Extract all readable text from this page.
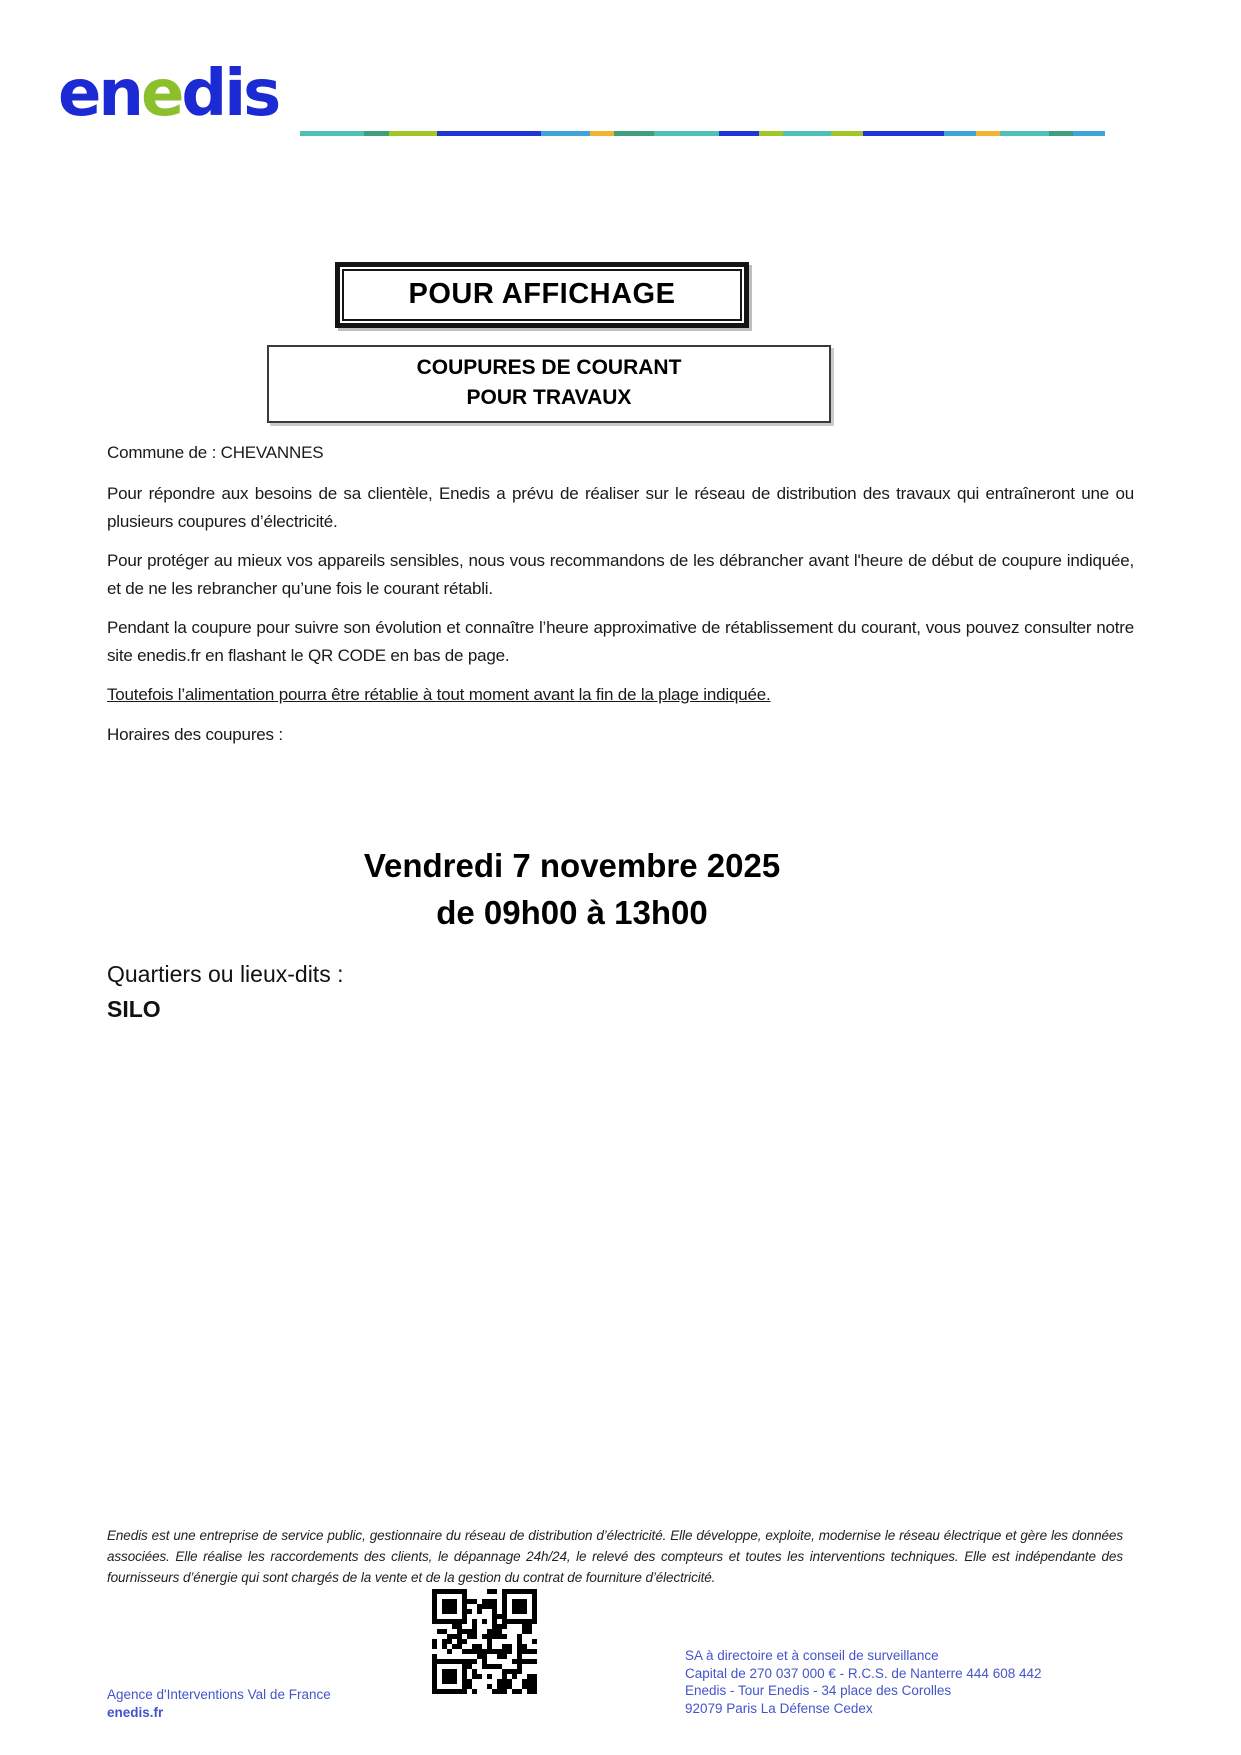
enedis
POUR AFFICHAGE
COUPURES DE COURANT
POUR TRAVAUX

Commune de : CHEVANNES

Pour répondre aux besoins de sa clientèle, Enedis a prévu de réaliser sur le réseau de distribution des travaux qui entraîneront une ou plusieurs coupures d’électricité.

Pour protéger au mieux vos appareils sensibles, nous vous recommandons de les débrancher avant l'heure de début de coupure indiquée, et de ne les rebrancher qu’une fois le courant rétabli.

Pendant la coupure pour suivre son évolution et connaître l’heure approximative de rétablissement du courant, vous pouvez consulter notre site enedis.fr en flashant le QR CODE en bas de page.

Toutefois l’alimentation pourra être rétablie à tout moment avant la fin de la plage indiquée.

Horaires des coupures :

Vendredi 7 novembre 2025
de 09h00 à 13h00
Quartiers ou lieux-dits :
SILO

Enedis est une entreprise de service public, gestionnaire du réseau de distribution d’électricité. Elle développe, exploite, modernise le réseau électrique et gère les données associées. Elle réalise les raccordements des clients, le dépannage 24h/24, le relevé des compteurs et toutes les interventions techniques. Elle est indépendante des fournisseurs d’énergie qui sont chargés de la vente et de la gestion du contrat de fourniture d’électricité.

SA à directoire et à conseil de surveillance
Capital de 270 037 000 € - R.C.S. de Nanterre 444 608 442
Enedis - Tour Enedis - 34 place des Corolles
92079 Paris La Défense Cedex
Agence d'Interventions Val de France
enedis.fr
